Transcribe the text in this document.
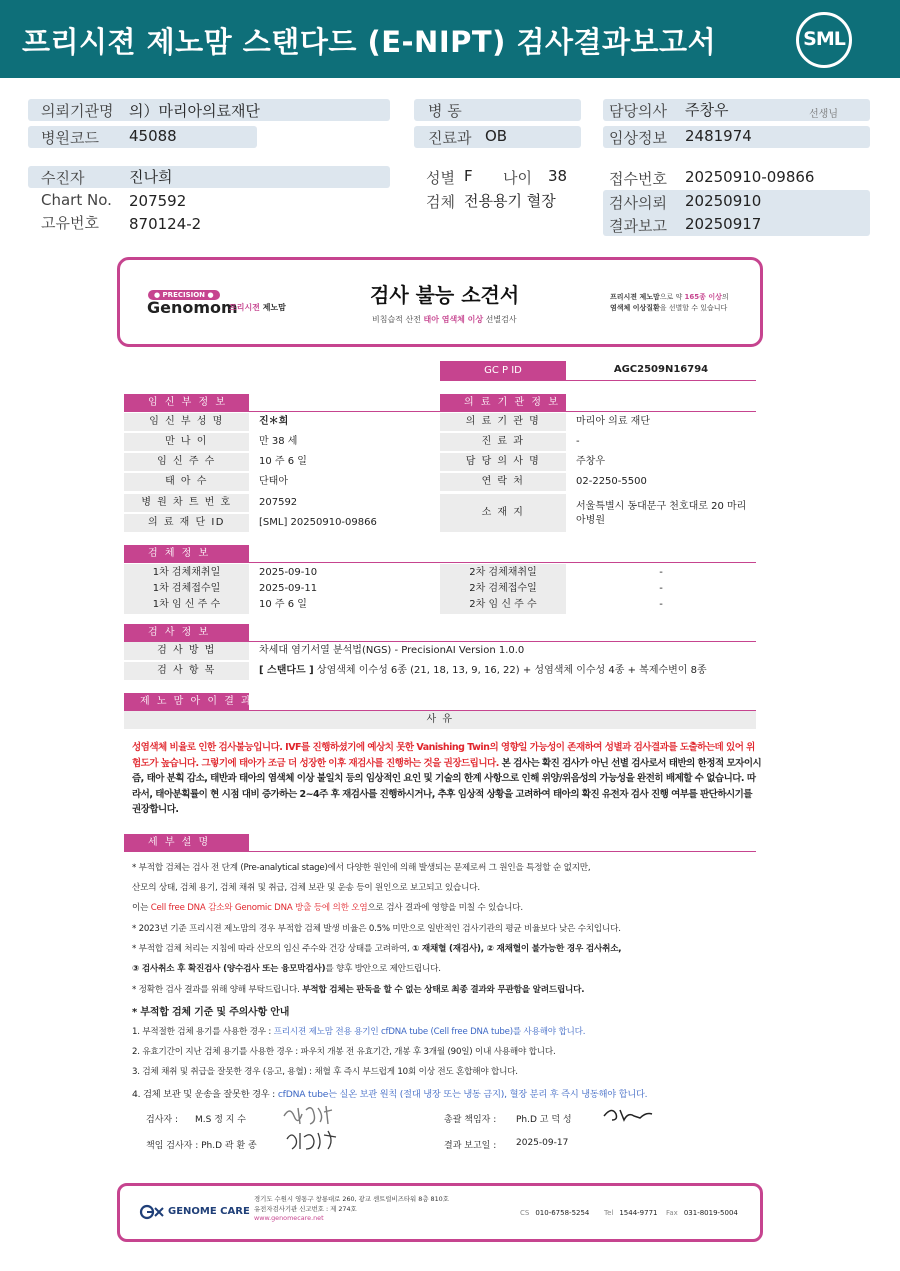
프리시젼 제노맘 스탠다드 (E-NIPT) 검사결과보고서	SML
의뢰기관명 의）마리아의료재단
병원코드 45088
병 동
진료과 OB
담당의사 주창우	선생님
임상정보 2481974
수진자	진나희
Chart No. 207592
고유번호 870124-2
성별 F 나이 38
검체 전용용기 혈장
접수번호 20250910-09866
검사의뢰 20250910
결과보고 20250917
● PRECISION ●
Genomom
프리시젼 제노맘
검사 불능 소견서
비침습적 산전 태아 염색체 이상 선별검사
프리시젼 제노맘으로 약 165종 이상의
염색체 이상질환을 선별할 수 있습니다
GC P ID	AGC2509N16794
임 신 부 정 보
임 신 부 성 명	진＊희
만 나 이	만 38 세
임 신 주 수	10 주 6 일
태 아 수	단태아
병 원 차 트 번 호	207592
의 료 재 단 ID	[SML] 20250910-09866
의 료 기 관 정 보
의 료 기 관 명	마리아 의료 재단
진 료 과	-
담 당 의 사 명	주창우
연 락 처	02-2250-5500
소 재 지
서울특별시 동대문구 천호대로 20 마리
아병원
검 체 정 보
1차 검체채취일	2025-09-10	2차 검체채취일	-
1차 검체접수일	2025-09-11	2차 검체접수일	-
1차 임 신 주 수	10 주 6 일	2차 임 신 주 수	-
검 사 정 보
검 사 방 법	차세대 염기서열 분석법(NGS) - PrecisionAI Version 1.0.0
검 사 항 목	[ 스탠다드 ] 상염색체 이수성 6종 (21, 18, 13, 9, 16, 22) + 성염색체 이수성 4종 + 복제수변이 8종
제 노 맘 아 이 결 과
사 유
성염색체 비율로 인한 검사불능입니다. IVF를 진행하셨기에 예상치 못한 Vanishing Twin의 영향일 가능성이 존재하여 성별과 검사결과를 도출하는데 있어 위험도가 높습니다. 그렇기에 태아가 조금 더 성장한 이후 재검사를 진행하는 것을 권장드립니다. 본 검사는 확진 검사가 아닌 선별 검사로서 태반의 한정적 모자이시즘, 태아 분획 감소, 태반과 태아의 염색체 이상 불일치 등의 임상적인 요인 및 기술의 한계 사항으로 인해 위양/위음성의 가능성을 완전히 배제할 수 없습니다. 따라서, 태아분획률이 현 시점 대비 증가하는 2~4주 후 재검사를 진행하시거나, 추후 임상적 상황을 고려하여 태아의 확진 유전자 검사 진행 여부를 판단하시기를 권장합니다.
세 부 설 명
* 부적합 검체는 검사 전 단계 (Pre-analytical stage)에서 다양한 원인에 의해 발생되는 문제로써 그 원인을 특정할 순 없지만,
산모의 상태, 검체 용기, 검체 채취 및 취급, 검체 보관 및 운송 등이 원인으로 보고되고 있습니다.
이는 Cell free DNA 감소와 Genomic DNA 방출 등에 의한 오염으로 검사 결과에 영향을 미칠 수 있습니다.
* 2023년 기준 프리시젼 제노맘의 경우 부적합 검체 발생 비율은 0.5% 미만으로 일반적인 검사기관의 평균 비율보다 낮은 수치입니다.
* 부적합 검체 처리는 지침에 따라 산모의 임신 주수와 건강 상태를 고려하여, ① 재채혈 (재검사), ② 재채혈이 불가능한 경우 검사취소,
③ 검사취소 후 확진검사 (양수검사 또는 융모막검사)를 향후 방안으로 제안드립니다.
* 정확한 검사 결과를 위해 양해 부탁드립니다. 부적합 검체는 판독을 할 수 없는 상태로 최종 결과와 무관함을 알려드립니다.
* 부적합 검체 기준 및 주의사항 안내
1. 부적절한 검체 용기를 사용한 경우 : 프리시젼 제노맘 전용 용기인 cfDNA tube (Cell free DNA tube)를 사용해야 합니다.
2. 유효기간이 지난 검체 용기를 사용한 경우 : 파우치 개봉 전 유효기간, 개봉 후 3개월 (90일) 이내 사용해야 합니다.
3. 검체 채취 및 취급을 잘못한 경우 (응고, 용혈) : 채혈 후 즉시 부드럽게 10회 이상 전도 혼합해야 합니다.
4. 검체 보관 및 운송을 잘못한 경우 : cfDNA tube는 실온 보관 원칙 (절대 냉장 또는 냉동 금지), 혈장 분리 후 즉시 냉동해야 합니다.
검사자 : M.S 정 지 수
책임 검사자 : Ph.D 곽 환 종
총괄 책임자 : Ph.D 고 덕 성
결과 보고일 : 2025-09-17
GENOME CARE
경기도 수원시 영통구 창룡대로 260, 광교 센트럴비즈타워 8층 810호
유전자검사기관 신고번호 : 제 274호
www.genomecare.net
CS 010-6758-5254 Tel 1544-9771 Fax 031-8019-5004
